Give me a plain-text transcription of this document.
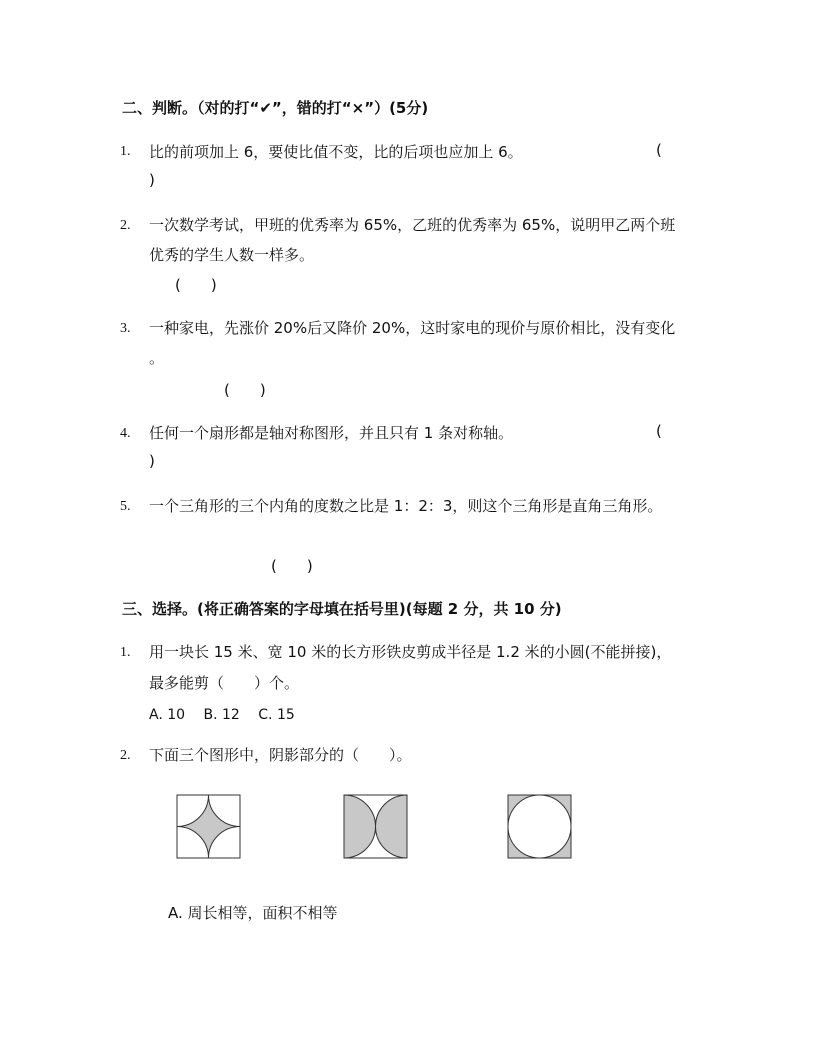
二、判断。（对的打“✔”，错的打“×”）(5分)
1. 比的前项加上 6，要使比值不变，比的后项也应加上 6。	(
)
2. 一次数学考试，甲班的优秀率为 65%，乙班的优秀率为 65%，说明甲乙两个班
优秀的学生人数一样多。
(　　)
3. 一种家电，先涨价 20%后又降价 20%，这时家电的现价与原价相比，没有变化
。
(　　)
4. 任何一个扇形都是轴对称图形，并且只有 1 条对称轴。	(
)
5. 一个三角形的三个内角的度数之比是 1：2：3，则这个三角形是直角三角形。
(　　)
三、选择。(将正确答案的字母填在括号里)(每题 2 分，共 10 分)
1. 用一块长 15 米、宽 10 米的长方形铁皮剪成半径是 1.2 米的小圆(不能拼接)，
最多能剪（　　）个。
A. 10　 B. 12　 C. 15
2. 下面三个图形中，阴影部分的（　　）。
A. 周长相等，面积不相等
